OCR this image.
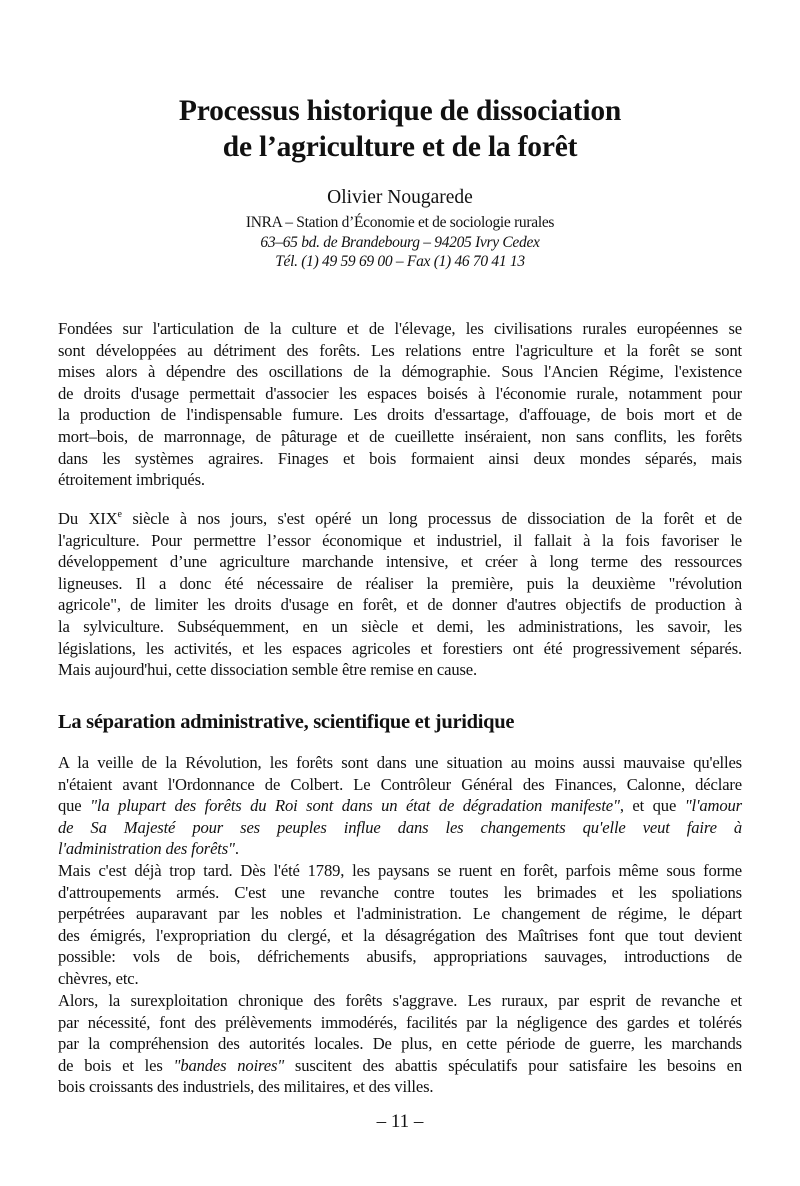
Processus historique de dissociation
de l’agriculture et de la forêt
Olivier Nougarede
INRA – Station d’Économie et de sociologie rurales
63–65 bd. de Brandebourg – 94205 Ivry Cedex
Tél. (1) 49 59 69 00 – Fax (1) 46 70 41 13
Fondées sur l'articulation de la culture et de l'élevage, les civilisations rurales européennes se
sont développées au détriment des forêts. Les relations entre l'agriculture et la forêt se sont
mises alors à dépendre des oscillations de la démographie. Sous l'Ancien Régime, l'existence
de droits d'usage permettait d'associer les espaces boisés à l'économie rurale, notamment pour
la production de l'indispensable fumure. Les droits d'essartage, d'affouage, de bois mort et de
mort–bois, de marronnage, de pâturage et de cueillette inséraient, non sans conflits, les forêts
dans les systèmes agraires. Finages et bois formaient ainsi deux mondes séparés, mais
étroitement imbriqués.
Du XIXe siècle à nos jours, s'est opéré un long processus de dissociation de la forêt et de
l'agriculture. Pour permettre l’essor économique et industriel, il fallait à la fois favoriser le
développement d’une agriculture marchande intensive, et créer à long terme des ressources
ligneuses. Il a donc été nécessaire de réaliser la première, puis la deuxième "révolution
agricole", de limiter les droits d'usage en forêt, et de donner d'autres objectifs de production à
la sylviculture. Subséquemment, en un siècle et demi, les administrations, les savoir, les
législations, les activités, et les espaces agricoles et forestiers ont été progressivement séparés.
Mais aujourd'hui, cette dissociation semble être remise en cause.
La séparation administrative, scientifique et juridique
A la veille de la Révolution, les forêts sont dans une situation au moins aussi mauvaise qu'elles
n'étaient avant l'Ordonnance de Colbert. Le Contrôleur Général des Finances, Calonne, déclare
que "la plupart des forêts du Roi sont dans un état de dégradation manifeste", et que "l'amour
de Sa Majesté pour ses peuples influe dans les changements qu'elle veut faire à
l'administration des forêts".
Mais c'est déjà trop tard. Dès l'été 1789, les paysans se ruent en forêt, parfois même sous forme
d'attroupements armés. C'est une revanche contre toutes les brimades et les spoliations
perpétrées auparavant par les nobles et l'administration. Le changement de régime, le départ
des émigrés, l'expropriation du clergé, et la désagrégation des Maîtrises font que tout devient
possible: vols de bois, défrichements abusifs, appropriations sauvages, introductions de
chèvres, etc.
Alors, la surexploitation chronique des forêts s'aggrave. Les ruraux, par esprit de revanche et
par nécessité, font des prélèvements immodérés, facilités par la négligence des gardes et tolérés
par la compréhension des autorités locales. De plus, en cette période de guerre, les marchands
de bois et les "bandes noires" suscitent des abattis spéculatifs pour satisfaire les besoins en
bois croissants des industriels, des militaires, et des villes.
– 11 –
